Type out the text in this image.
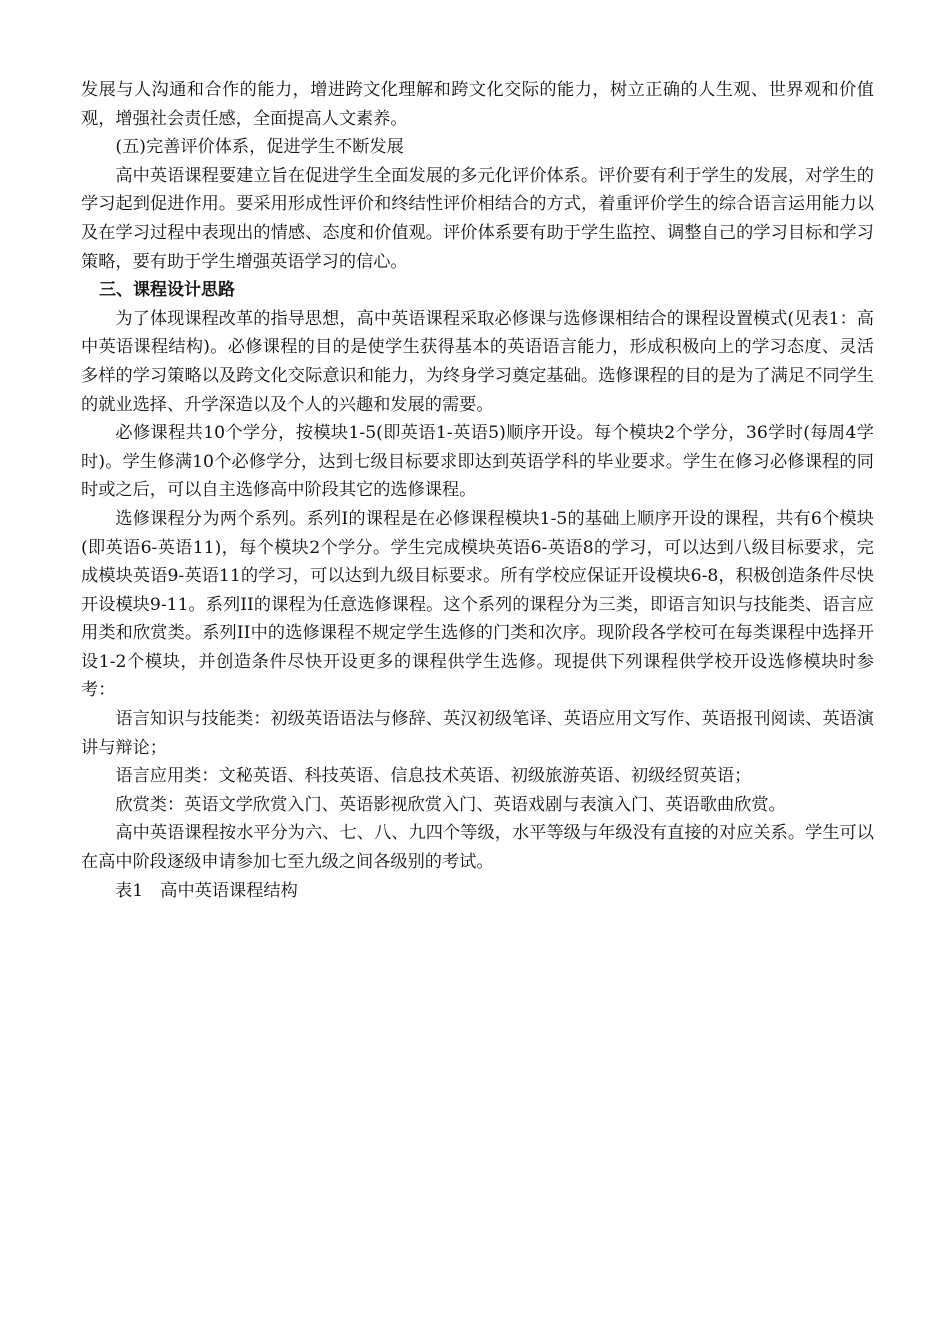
发展与人沟通和合作的能力，增进跨文化理解和跨文化交际的能力，树立正确的人生观、世界观和价值观，增强社会责任感，全面提高人文素养。

(五)完善评价体系，促进学生不断发展

高中英语课程要建立旨在促进学生全面发展的多元化评价体系。评价要有利于学生的发展，对学生的学习起到促进作用。要采用形成性评价和终结性评价相结合的方式，着重评价学生的综合语言运用能力以及在学习过程中表现出的情感、态度和价值观。评价体系要有助于学生监控、调整自己的学习目标和学习策略，要有助于学生增强英语学习的信心。

三、课程设计思路

为了体现课程改革的指导思想，高中英语课程采取必修课与选修课相结合的课程设置模式(见表1：高中英语课程结构)。必修课程的目的是使学生获得基本的英语语言能力，形成积极向上的学习态度、灵活多样的学习策略以及跨文化交际意识和能力，为终身学习奠定基础。选修课程的目的是为了满足不同学生的就业选择、升学深造以及个人的兴趣和发展的需要。

必修课程共10个学分，按模块1-5(即英语1-英语5)顺序开设。每个模块2个学分，36学时(每周4学时)。学生修满10个必修学分，达到七级目标要求即达到英语学科的毕业要求。学生在修习必修课程的同时或之后，可以自主选修高中阶段其它的选修课程。

选修课程分为两个系列。系列I的课程是在必修课程模块1-5的基础上顺序开设的课程，共有6个模块(即英语6-英语11)，每个模块2个学分。学生完成模块英语6-英语8的学习，可以达到八级目标要求，完成模块英语9-英语11的学习，可以达到九级目标要求。所有学校应保证开设模块6-8，积极创造条件尽快开设模块9-11。系列II的课程为任意选修课程。这个系列的课程分为三类，即语言知识与技能类、语言应用类和欣赏类。系列II中的选修课程不规定学生选修的门类和次序。现阶段各学校可在每类课程中选择开设1-2个模块，并创造条件尽快开设更多的课程供学生选修。现提供下列课程供学校开设选修模块时参考：

语言知识与技能类：初级英语语法与修辞、英汉初级笔译、英语应用文写作、英语报刊阅读、英语演讲与辩论；

语言应用类：文秘英语、科技英语、信息技术英语、初级旅游英语、初级经贸英语；

欣赏类：英语文学欣赏入门、英语影视欣赏入门、英语戏剧与表演入门、英语歌曲欣赏。

高中英语课程按水平分为六、七、八、九四个等级，水平等级与年级没有直接的对应关系。学生可以在高中阶段逐级申请参加七至九级之间各级别的考试。

表1　高中英语课程结构
